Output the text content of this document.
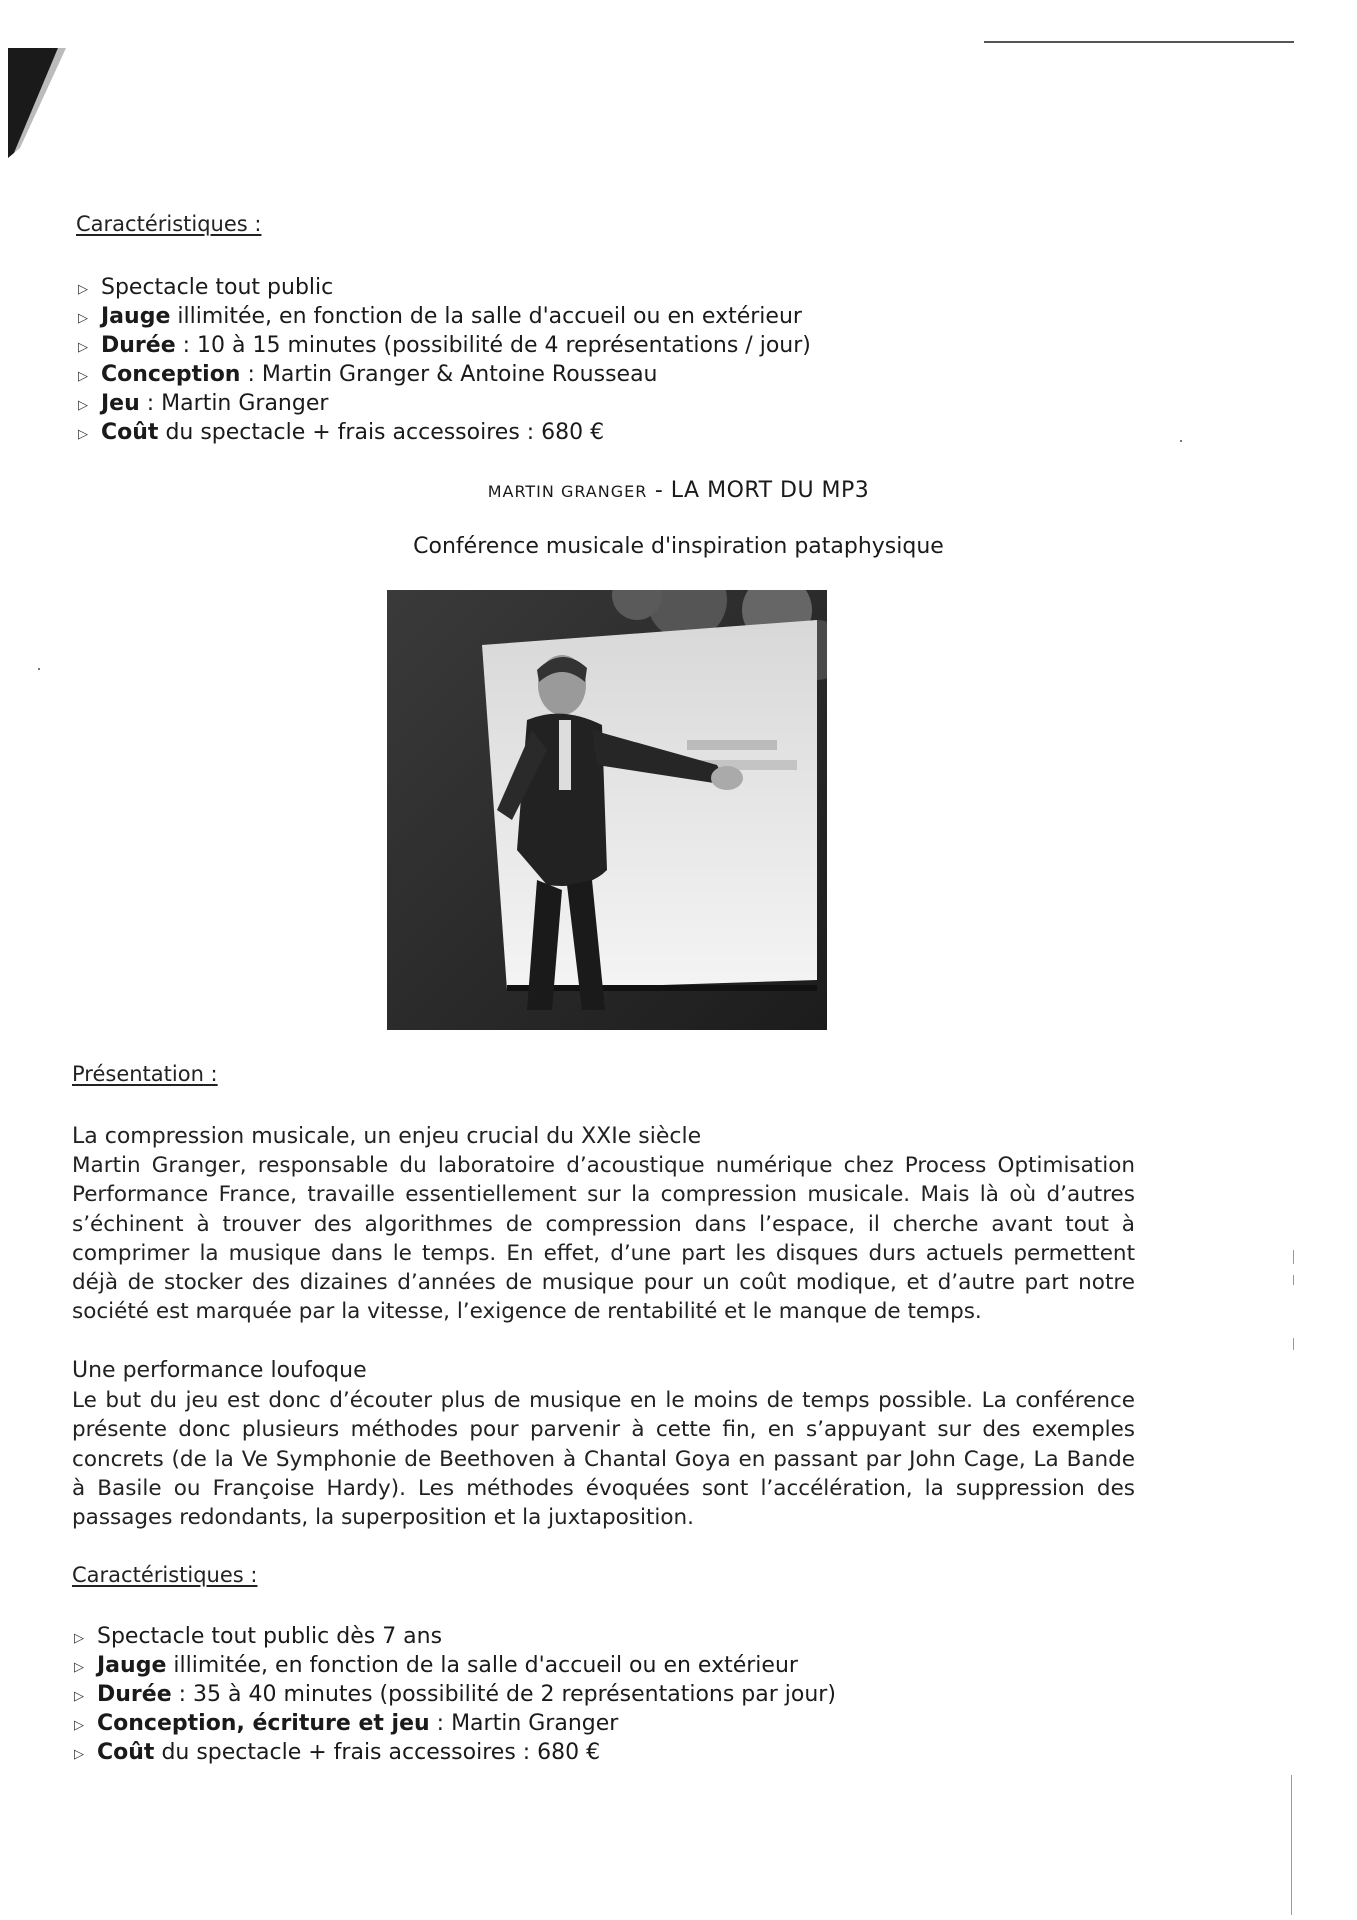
Caractéristiques :
▷ Spectacle tout public
▷ Jauge illimitée, en fonction de la salle d'accueil ou en extérieur
▷ Durée : 10 à 15 minutes (possibilité de 4 représentations / jour)
▷ Conception : Martin Granger & Antoine Rousseau
▷ Jeu : Martin Granger
▷ Coût du spectacle + frais accessoires : 680 €
MARTIN GRANGER - LA MORT DU MP3
Conférence musicale d'inspiration pataphysique
Présentation :
La compression musicale, un enjeu crucial du XXIe siècle
Martin Granger, responsable du laboratoire d’acoustique numérique chez Process Optimisation Performance France, travaille essentiellement sur la compression musicale. Mais là où d’autres s’échinent à trouver des algorithmes de compression dans l’espace, il cherche avant tout à comprimer la musique dans le temps. En effet, d’une part les disques durs actuels permettent déjà de stocker des dizaines d’années de musique pour un coût modique, et d’autre part notre société est marquée par la vitesse, l’exigence de rentabilité et le manque de temps.
Une performance loufoque
Le but du jeu est donc d’écouter plus de musique en le moins de temps possible. La conférence présente donc plusieurs méthodes pour parvenir à cette fin, en s’appuyant sur des exemples concrets (de la Ve Symphonie de Beethoven à Chantal Goya en passant par John Cage, La Bande à Basile ou Françoise Hardy). Les méthodes évoquées sont l’accélération, la suppression des passages redondants, la superposition et la juxtaposition.
Caractéristiques :
▷ Spectacle tout public dès 7 ans
▷ Jauge illimitée, en fonction de la salle d'accueil ou en extérieur
▷ Durée : 35 à 40 minutes (possibilité de 2 représentations par jour)
▷ Conception, écriture et jeu : Martin Granger
▷ Coût du spectacle + frais accessoires : 680 €
